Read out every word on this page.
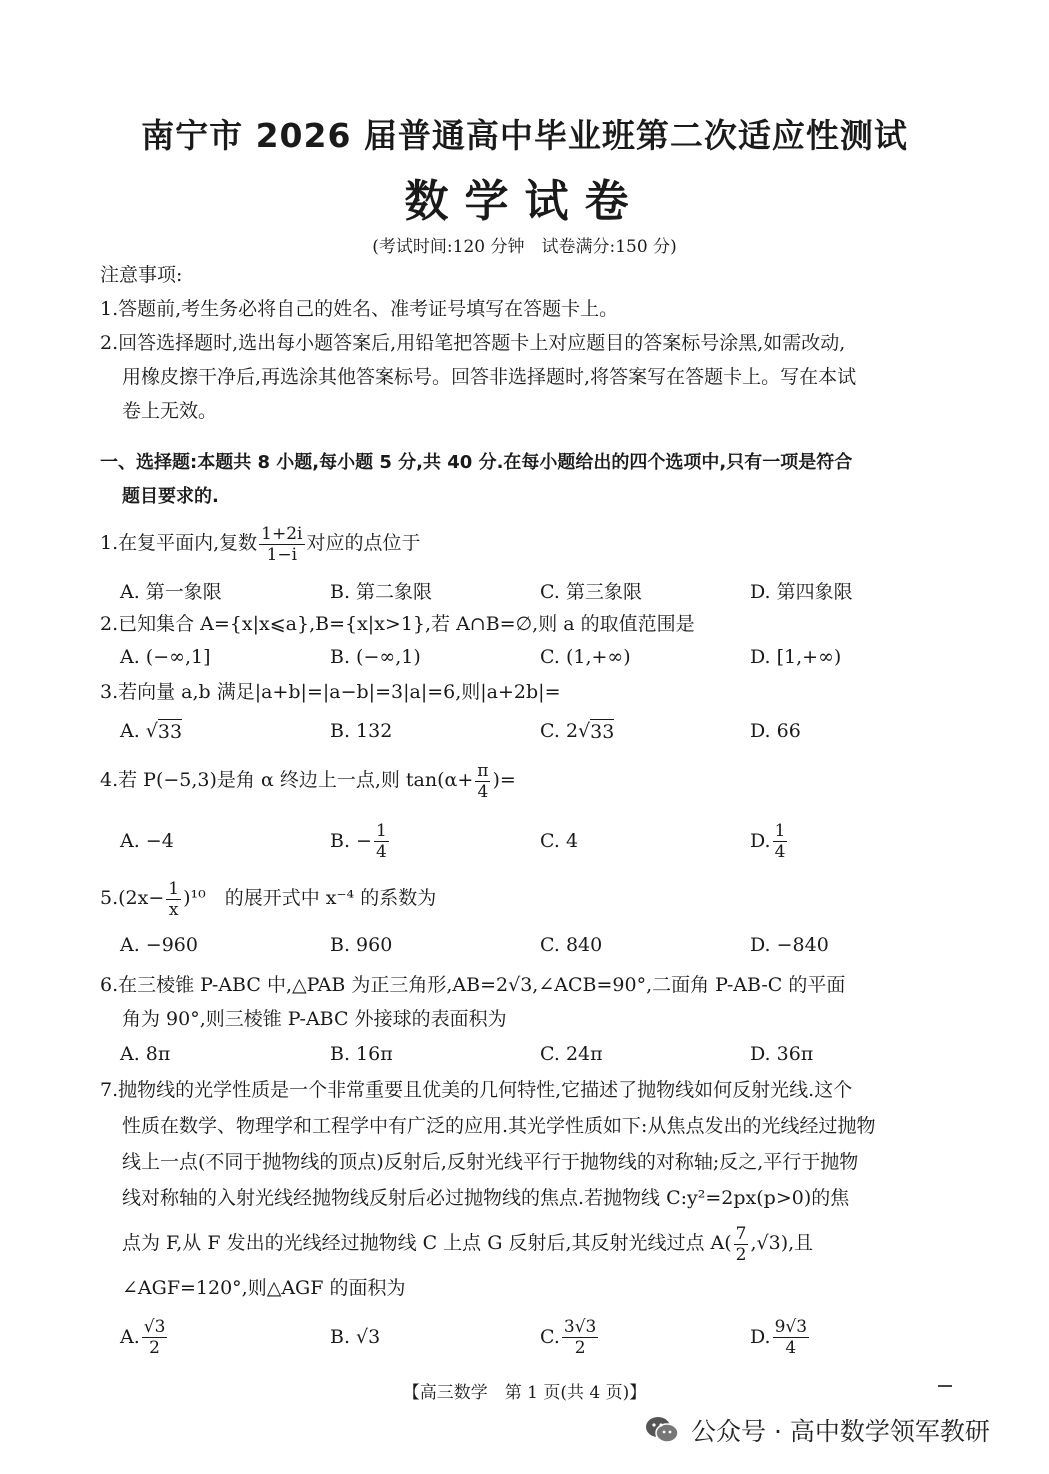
南宁市 2026 届普通高中毕业班第二次适应性测试
数学试卷
(考试时间:120 分钟　试卷满分:150 分)
注意事项:
1.答题前,考生务必将自己的姓名、准考证号填写在答题卡上。
2.回答选择题时,选出每小题答案后,用铅笔把答题卡上对应题目的答案标号涂黑,如需改动,
用橡皮擦干净后,再选涂其他答案标号。回答非选择题时,将答案写在答题卡上。写在本试
卷上无效。
一、选择题:本题共 8 小题,每小题 5 分,共 40 分.在每小题给出的四个选项中,只有一项是符合
题目要求的.
1.在复平面内,复数 $\frac{1+2i}{1-i}$ 对应的点位于
A. 第一象限	B. 第二象限	C. 第三象限	D. 第四象限
2.已知集合 A={x|x⩽a},B={x|x>1},若 A∩B=∅,则 a 的取值范围是
A. (−∞,1]	B. (−∞,1)	C. (1,+∞)	D. [1,+∞)
3.若向量 a,b 满足|a+b|=|a−b|=3|a|=6,则|a+2b|=
A. √ 33	B. 132	C. 2√ 33	D. 66
4.若 P(−5,3)是角 α 终边上一点,则 $\tan(\alpha+ \frac{\pi}{4}$ )=
A. −4	B. − $\frac{1}{4}$	C. 4	D. $\frac{1}{4}$
$5.(2x- \frac{1}{x} )^{10}$　 的展开式中 x⁻⁴ 的系数为
A. −960	B. 960	C. 840	D. −840
6.在三棱锥 P-ABC 中,△PAB 为正三角形,AB=2√3,∠ACB=90°,二面角 P-AB-C 的平面
角为 90°,则三棱锥 P-ABC 外接球的表面积为
A. 8π	B. 16π	C. 24π	D. 36π
7.抛物线的光学性质是一个非常重要且优美的几何特性,它描述了抛物线如何反射光线.这个
性质在数学、物理学和工程学中有广泛的应用.其光学性质如下:从焦点发出的光线经过抛物
线上一点(不同于抛物线的顶点)反射后,反射光线平行于抛物线的对称轴;反之,平行于抛物
线对称轴的入射光线经抛物线反射后必过抛物线的焦点.若抛物线 C:y²=2px(p>0)的焦
点为 F,从 F 发出的光线经过抛物线 C 上点 G 反射后,其反射光线过点 $A( \frac{7}{2} ,√3)$,且
∠AGF=120°,则△AGF 的面积为
A. $\frac{√3}{2}$	B. √3	C. $\frac{3√3}{2}$	D. $\frac{9√3}{4}$
【高三数学　第 1 页(共 4 页)】
公众号 · 高中数学领军教研
